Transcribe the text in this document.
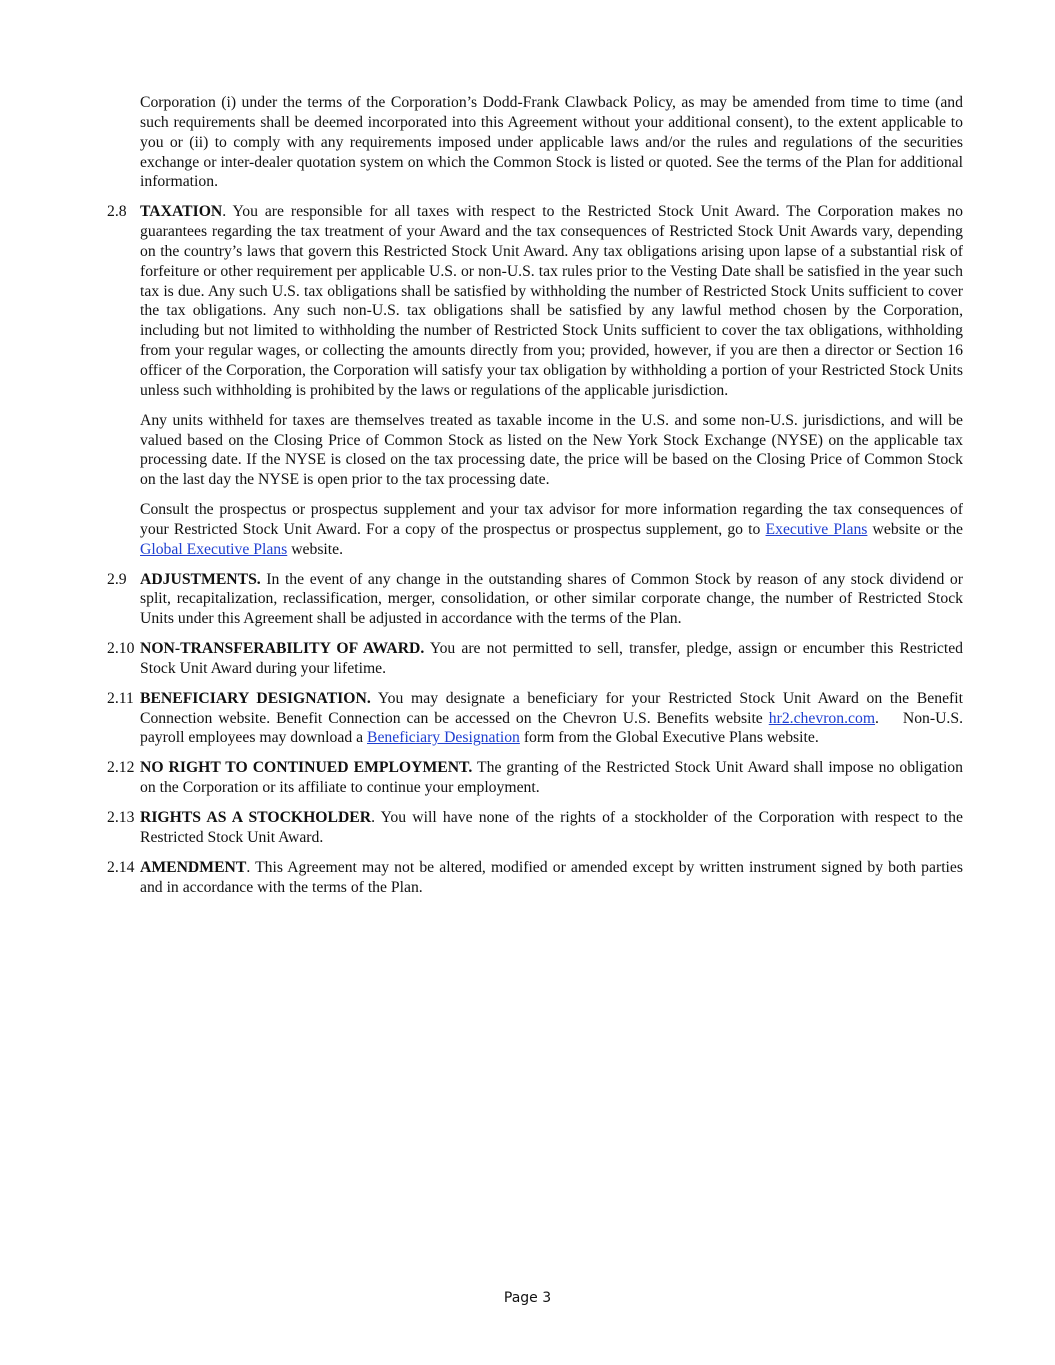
Corporation (i) under the terms of the Corporation’s Dodd-Frank Clawback Policy, as may be amended from time to time (and such requirements shall be deemed incorporated into this Agreement without your additional consent), to the extent applicable to you or (ii) to comply with any requirements imposed under applicable laws and/or the rules and regulations of the securities exchange or inter-dealer quotation system on which the Common Stock is listed or quoted. See the terms of the Plan for additional information.

2.8 TAXATION. You are responsible for all taxes with respect to the Restricted Stock Unit Award. The Corporation makes no guarantees regarding the tax treatment of your Award and the tax consequences of Restricted Stock Unit Awards vary, depending on the country’s laws that govern this Restricted Stock Unit Award. Any tax obligations arising upon lapse of a substantial risk of forfeiture or other requirement per applicable U.S. or non-U.S. tax rules prior to the Vesting Date shall be satisfied in the year such tax is due. Any such U.S. tax obligations shall be satisfied by withholding the number of Restricted Stock Units sufficient to cover the tax obligations. Any such non-U.S. tax obligations shall be satisfied by any lawful method chosen by the Corporation, including but not limited to withholding the number of Restricted Stock Units sufficient to cover the tax obligations, withholding from your regular wages, or collecting the amounts directly from you; provided, however, if you are then a director or Section 16 officer of the Corporation, the Corporation will satisfy your tax obligation by withholding a portion of your Restricted Stock Units unless such withholding is prohibited by the laws or regulations of the applicable jurisdiction.

Any units withheld for taxes are themselves treated as taxable income in the U.S. and some non-U.S. jurisdictions, and will be valued based on the Closing Price of Common Stock as listed on the New York Stock Exchange (NYSE) on the applicable tax processing date. If the NYSE is closed on the tax processing date, the price will be based on the Closing Price of Common Stock on the last day the NYSE is open prior to the tax processing date.

Consult the prospectus or prospectus supplement and your tax advisor for more information regarding the tax consequences of your Restricted Stock Unit Award. For a copy of the prospectus or prospectus supplement, go to Executive Plans website or the Global Executive Plans website.

2.9 ADJUSTMENTS. In the event of any change in the outstanding shares of Common Stock by reason of any stock dividend or split, recapitalization, reclassification, merger, consolidation, or other similar corporate change, the number of Restricted Stock Units under this Agreement shall be adjusted in accordance with the terms of the Plan.

2.10 NON-TRANSFERABILITY OF AWARD. You are not permitted to sell, transfer, pledge, assign or encumber this Restricted Stock Unit Award during your lifetime.

2.11 BENEFICIARY DESIGNATION. You may designate a beneficiary for your Restricted Stock Unit Award on the Benefit Connection website. Benefit Connection can be accessed on the Chevron U.S. Benefits website hr2.chevron.com.    Non-U.S. payroll employees may download a Beneficiary Designation form from the Global Executive Plans website.

2.12 NO RIGHT TO CONTINUED EMPLOYMENT. The granting of the Restricted Stock Unit Award shall impose no obligation on the Corporation or its affiliate to continue your employment.

2.13 RIGHTS AS A STOCKHOLDER. You will have none of the rights of a stockholder of the Corporation with respect to the Restricted Stock Unit Award.

2.14 AMENDMENT. This Agreement may not be altered, modified or amended except by written instrument signed by both parties and in accordance with the terms of the Plan.

Page 3
